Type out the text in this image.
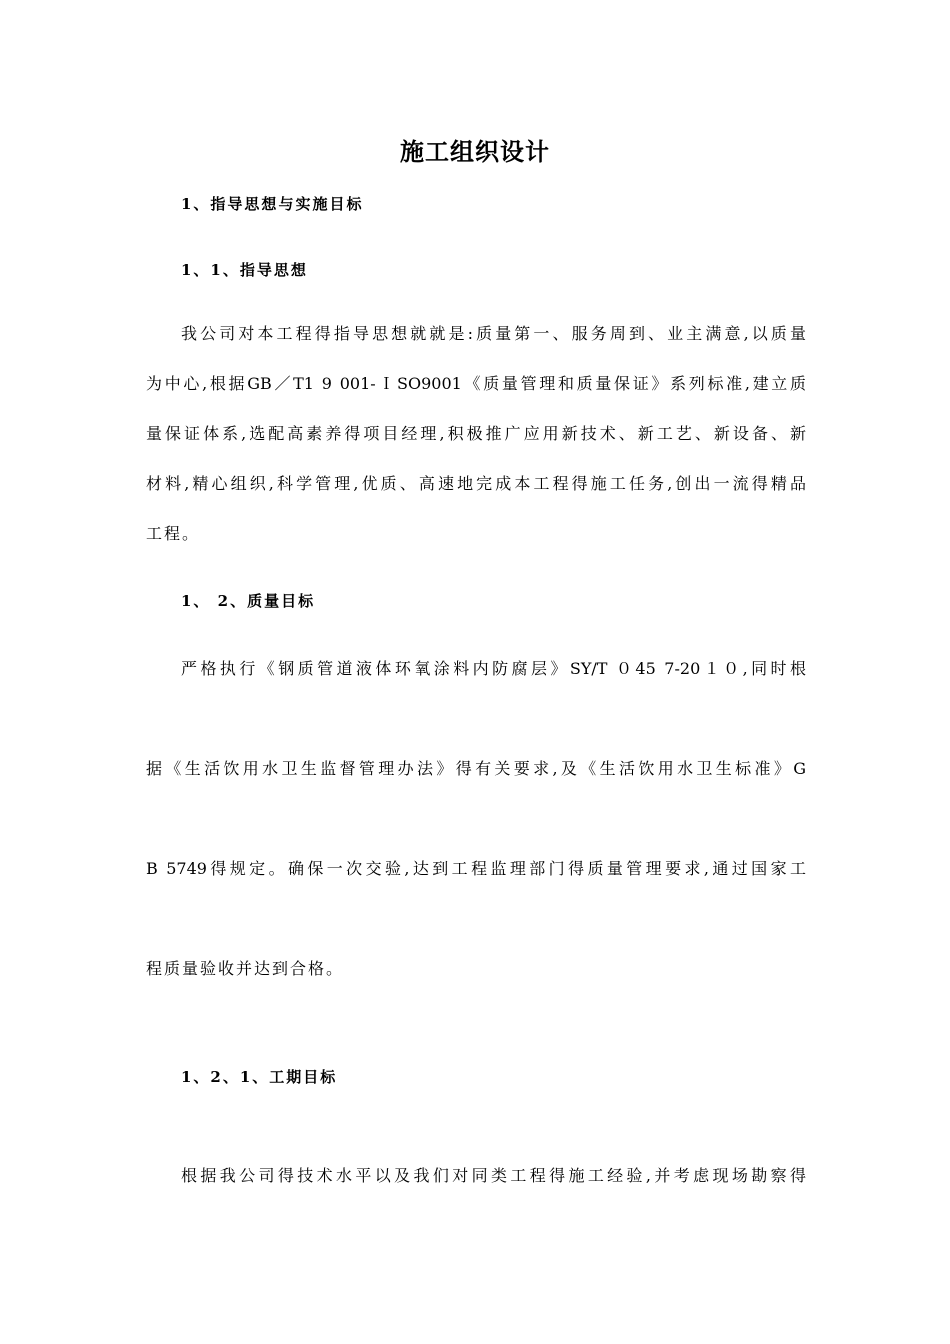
施工组织设计
1、指导思想与实施目标
1、1、指导思想
我公司对本工程得指导思想就就是:质量第一、服务周到、业主满意,以质量
为中心,根据GB／T1 9 001-ＩSO9001《质量管理和质量保证》系列标准,建立质
量保证体系,选配高素养得项目经理,积极推广应用新技术、新工艺、新设备、新
材料,精心组织,科学管理,优质、高速地完成本工程得施工任务,创出一流得精品
工程。
1、 2、质量目标
严格执行《钢质管道液体环氧涂料内防腐层》SY/T ０45 7-20１０,同时根
据《生活饮用水卫生监督管理办法》得有关要求,及《生活饮用水卫生标准》G
B 5749得规定。确保一次交验,达到工程监理部门得质量管理要求,通过国家工
程质量验收并达到合格。
1、2、1、工期目标
根据我公司得技术水平以及我们对同类工程得施工经验,并考虑现场勘察得
